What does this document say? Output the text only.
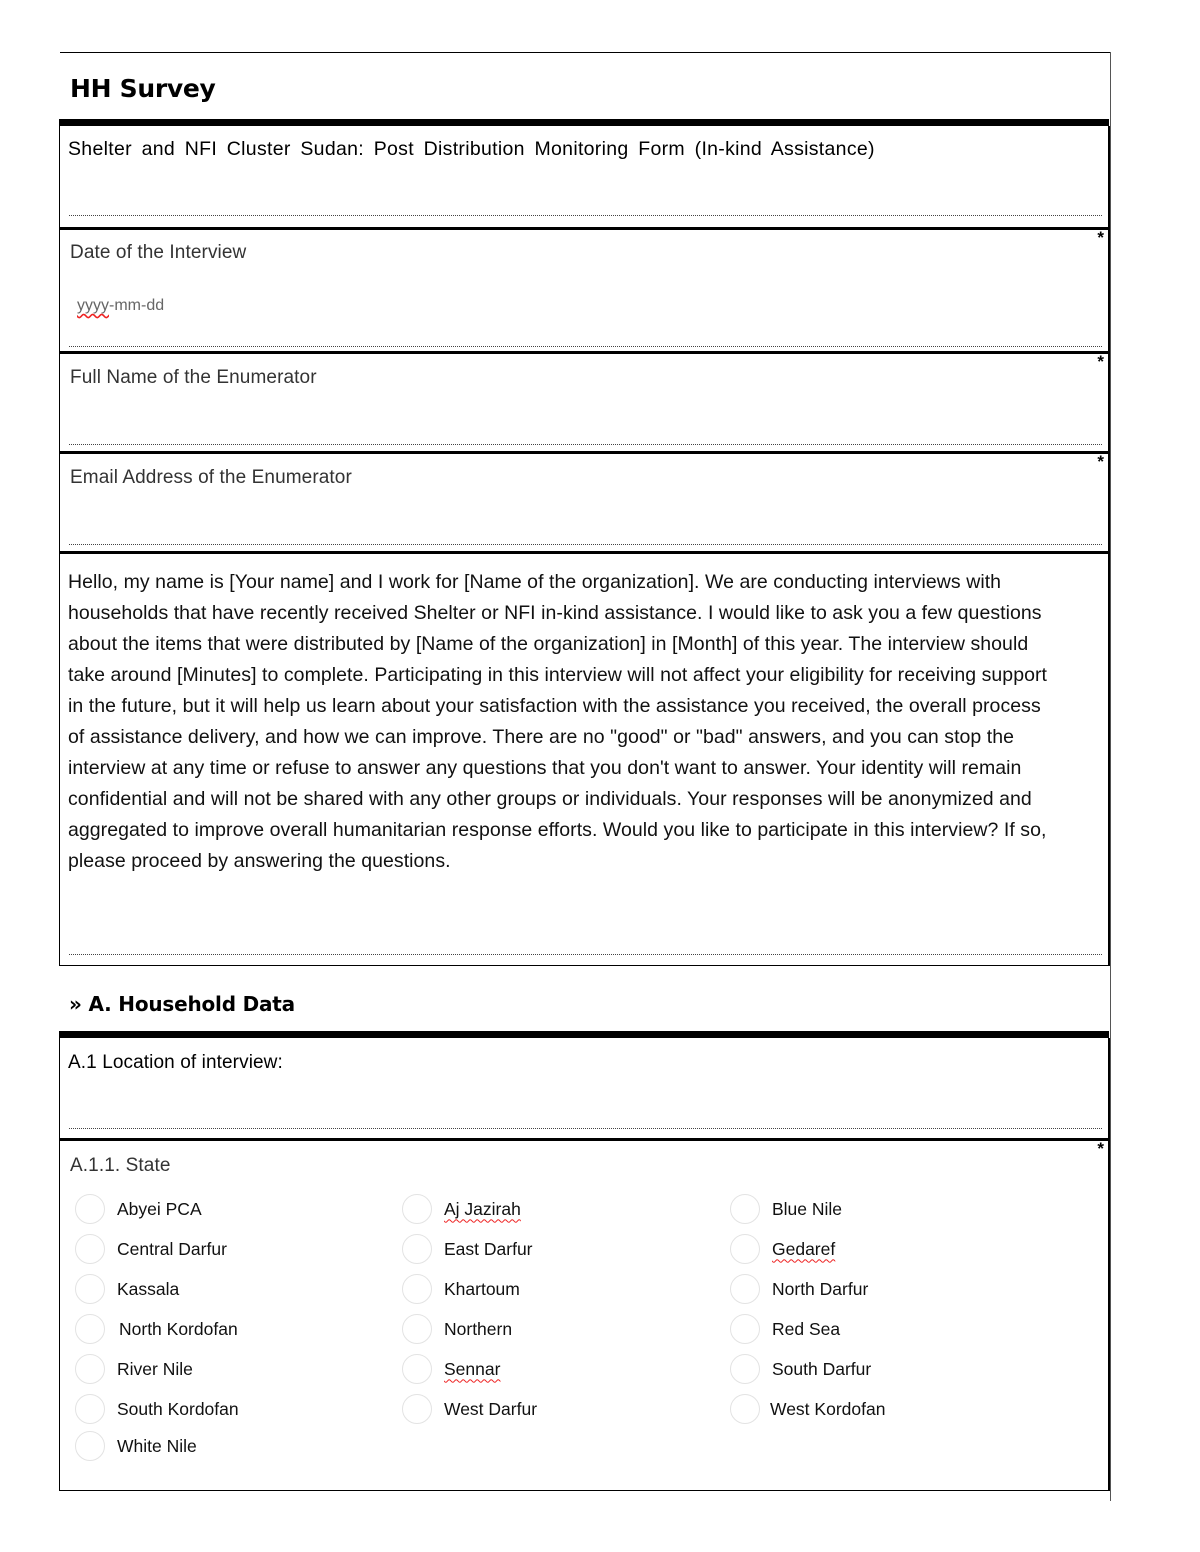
HH Survey
Shelter and NFI Cluster Sudan: Post Distribution Monitoring Form (In-kind Assistance)
*
Date of the Interview
yyyy-mm-dd
*
Full Name of the Enumerator
*
Email Address of the Enumerator
Hello, my name is [Your name] and I work for [Name of the organization]. We are conducting interviews with households that have recently received Shelter or NFI in-kind assistance. I would like to ask you a few questions about the items that were distributed by [Name of the organization] in [Month] of this year. The interview should take around [Minutes] to complete. Participating in this interview will not affect your eligibility for receiving support in the future, but it will help us learn about your satisfaction with the assistance you received, the overall process of assistance delivery, and how we can improve. There are no "good" or "bad" answers, and you can stop the interview at any time or refuse to answer any questions that you don't want to answer. Your identity will remain confidential and will not be shared with any other groups or individuals. Your responses will be anonymized and aggregated to improve overall humanitarian response efforts. Would you like to participate in this interview? If so, please proceed by answering the questions.
» A. Household Data
A.1 Location of interview:
*
A.1.1. State
Abyei PCA	Aj Jazirah	Blue Nile
Central Darfur	East Darfur	Gedaref
Kassala	Khartoum	North Darfur
North Kordofan	Northern	Red Sea
River Nile	Sennar	South Darfur
South Kordofan	West Darfur	West Kordofan
White Nile
